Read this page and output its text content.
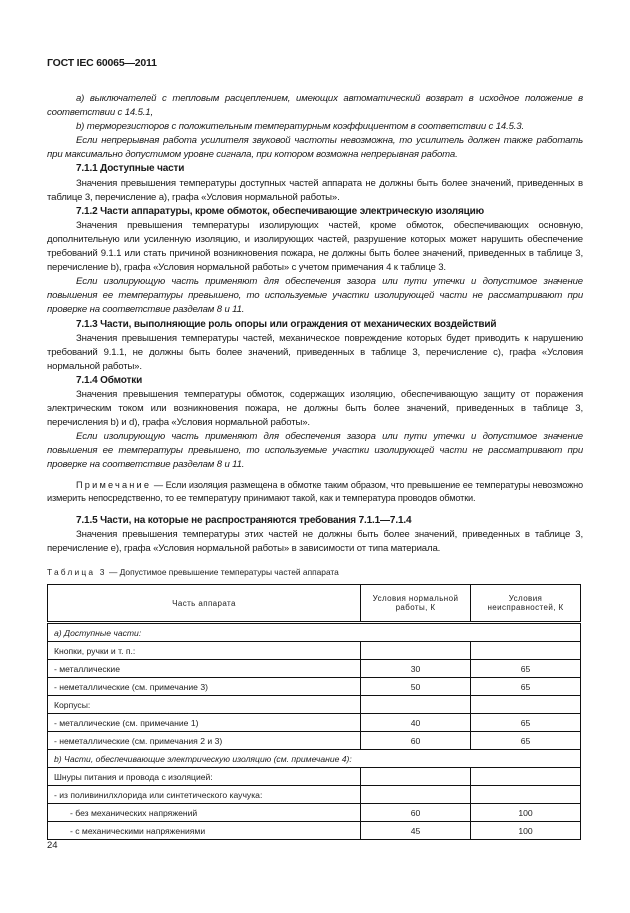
ГОСТ IEC 60065—2011

a) выключателей с тепловым расцеплением, имеющих автоматический возврат в исходное положение в соответствии с 14.5.1,

b) терморезисторов с положительным температурным коэффициентом в соответствии с 14.5.3.

Если непрерывная работа усилителя звуковой частоты невозможна, то усилитель должен также работать при максимально допустимом уровне сигнала, при котором возможна непрерывная работа.

7.1.1 Доступные части

Значения превышения температуры доступных частей аппарата не должны быть более значений, приведенных в таблице 3, перечисление a), графа «Условия нормальной работы».

7.1.2 Части аппаратуры, кроме обмоток, обеспечивающие электрическую изоляцию

Значения превышения температуры изолирующих частей, кроме обмоток, обеспечивающих основную, дополнительную или усиленную изоляцию, и изолирующих частей, разрушение которых может нарушить обеспечение требований 9.1.1 или стать причиной возникновения пожара, не должны быть более значений, приведенных в таблице 3, перечисление b), графа «Условия нормальной работы» с учетом примечания 4 к таблице 3.

Если изолирующую часть применяют для обеспечения зазора или пути утечки и допустимое значение повышения ее температуры превышено, то используемые участки изолирующей части не рассматривают при проверке на соответствие разделам 8 и 11.

7.1.3 Части, выполняющие роль опоры или ограждения от механических воздействий

Значения превышения температуры частей, механическое повреждение которых будет приводить к нарушению требований 9.1.1, не должны быть более значений, приведенных в таблице 3, перечисление c), графа «Условия нормальной работы».

7.1.4 Обмотки

Значения превышения температуры обмоток, содержащих изоляцию, обеспечивающую защиту от поражения электрическим током или возникновения пожара, не должны быть более значений, приведенных в таблице 3, перечисления b) и d), графа «Условия нормальной работы».

Если изолирующую часть применяют для обеспечения зазора или пути утечки и допустимое значение повышения ее температуры превышено, то используемые участки изолирующей части не рассматривают при проверке на соответствие разделам 8 и 11.

Примечание — Если изоляция размещена в обмотке таким образом, что превышение ее температуры невозможно измерить непосредственно, то ее температуру принимают такой, как и температура проводов обмотки.

7.1.5 Части, на которые не распространяются требования 7.1.1—7.1.4

Значения превышения температуры этих частей не должны быть более значений, приведенных в таблице 3, перечисление e), графа «Условия нормальной работы» в зависимости от типа материала.

Таблица 3 — Допустимое превышение температуры частей аппарата
Часть аппарата	Условия нормальной работы, К	Условия неисправностей, К
a) Доступные части:		
Кнопки, ручки и т. п.:		
- металлические	30	65
- неметаллические (см. примечание 3)	50	65
Корпусы:		
- металлические (см. примечание 1)	40	65
- неметаллические (см. примечания 2 и 3)	60	65
b) Части, обеспечивающие электрическую изоляцию (см. примечание 4):		
Шнуры питания и провода с изоляцией:		
- из поливинилхлорида или синтетического каучука:		
- без механических напряжений	60	100
- с механическими напряжениями	45	100
24
